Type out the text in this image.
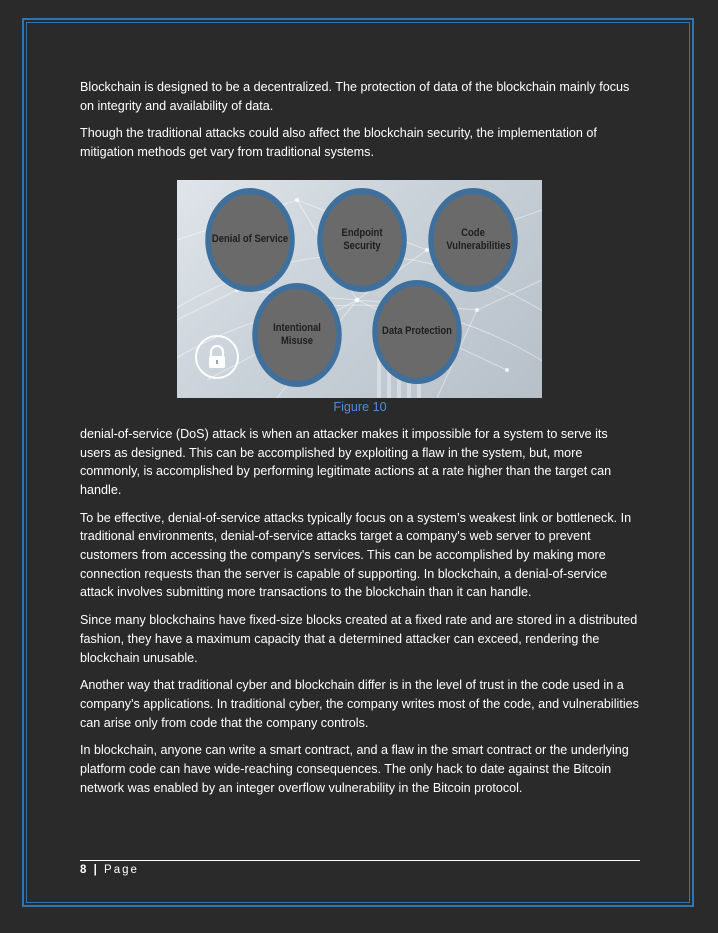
Blockchain is designed to be a decentralized. The protection of data of the blockchain mainly focus on integrity and availability of data.

Though the traditional attacks could also affect the blockchain security, the implementation of mitigation methods get vary from traditional systems.

Denial of Service
Endpoint Security
Code Vulnerabilities
Intentional Misuse
Data Protection
Figure 10

denial-of-service (DoS) attack is when an attacker makes it impossible for a system to serve its users as designed. This can be accomplished by exploiting a flaw in the system, but, more commonly, is accomplished by performing legitimate actions at a rate higher than the target can handle.

To be effective, denial-of-service attacks typically focus on a system’s weakest link or bottleneck. In traditional environments, denial-of-service attacks target a company's web server to prevent customers from accessing the company's services. This can be accomplished by making more connection requests than the server is capable of supporting. In blockchain, a denial-of-service attack involves submitting more transactions to the blockchain than it can handle.

Since many blockchains have fixed-size blocks created at a fixed rate and are stored in a distributed fashion, they have a maximum capacity that a determined attacker can exceed, rendering the blockchain unusable.

Another way that traditional cyber and blockchain differ is in the level of trust in the code used in a company's applications. In traditional cyber, the company writes most of the code, and vulnerabilities can arise only from code that the company controls.

In blockchain, anyone can write a smart contract, and a flaw in the smart contract or the underlying platform code can have wide-reaching consequences. The only hack to date against the Bitcoin network was enabled by an integer overflow vulnerability in the Bitcoin protocol.

8 | Page
